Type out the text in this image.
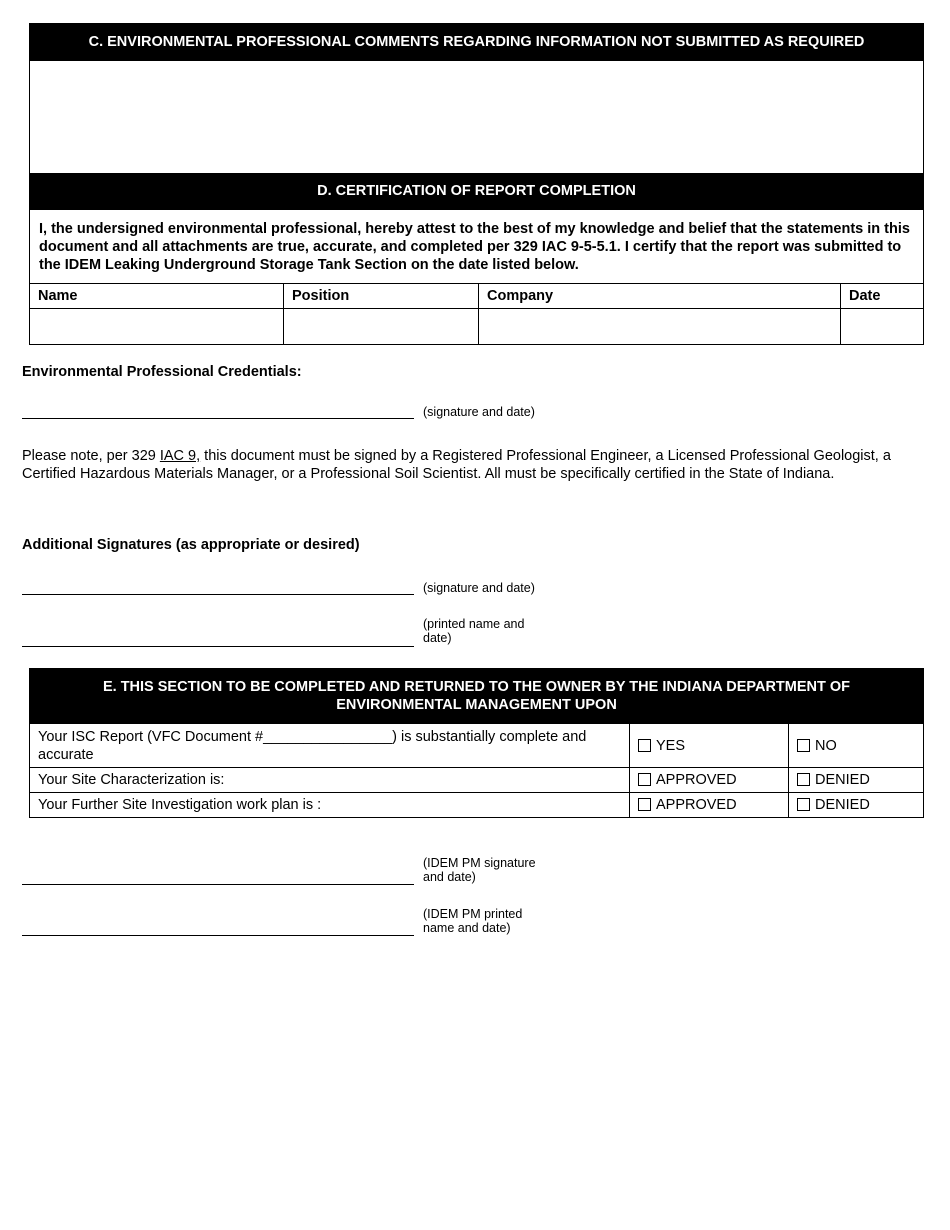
C. ENVIRONMENTAL PROFESSIONAL COMMENTS REGARDING INFORMATION NOT SUBMITTED AS REQUIRED
D. CERTIFICATION OF REPORT COMPLETION
I, the undersigned environmental professional, hereby attest to the best of my knowledge and belief that the statements in this document and all attachments are true, accurate, and completed per 329 IAC 9-5-5.1. I certify that the report was submitted to the IDEM Leaking Underground Storage Tank Section on the date listed below.
Name	Position	Company	Date

Environmental Professional Credentials:
(signature and date)
Please note, per 329 IAC 9, this document must be signed by a Registered Professional Engineer, a Licensed Professional Geologist, a Certified Hazardous Materials Manager, or a Professional Soil Scientist. All must be specifically certified in the State of Indiana.
Additional Signatures (as appropriate or desired)
(signature and date)
(printed name and date)
E. THIS SECTION TO BE COMPLETED AND RETURNED TO THE OWNER BY THE INDIANA DEPARTMENT OF ENVIRONMENTAL MANAGEMENT UPON
Your ISC Report (VFC Document #________________) is substantially complete and accurate	YES	NO
Your Site Characterization is:	APPROVED	DENIED
Your Further Site Investigation work plan is :	APPROVED	DENIED
(IDEM PM signature and date)
(IDEM PM printed name and date)
